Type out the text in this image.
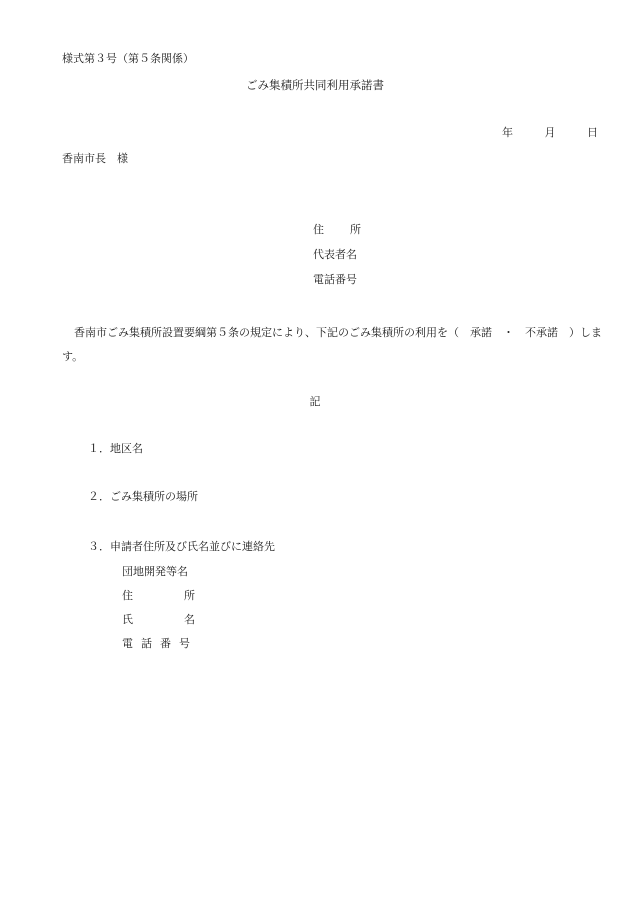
様式第３号（第５条関係）
ごみ集積所共同利用承諾書
年	月	日
香南市長　様
住 所
代表者名
電話番号
香南市ごみ集積所設置要綱第５条の規定により、下記のごみ集積所の利用を（　承諾　・　不承諾　）します。
記
１．地区名
２．ごみ集積所の場所
３．申請者住所及び氏名並びに連絡先
団地開発等名
住	所
氏	名
電話番号
